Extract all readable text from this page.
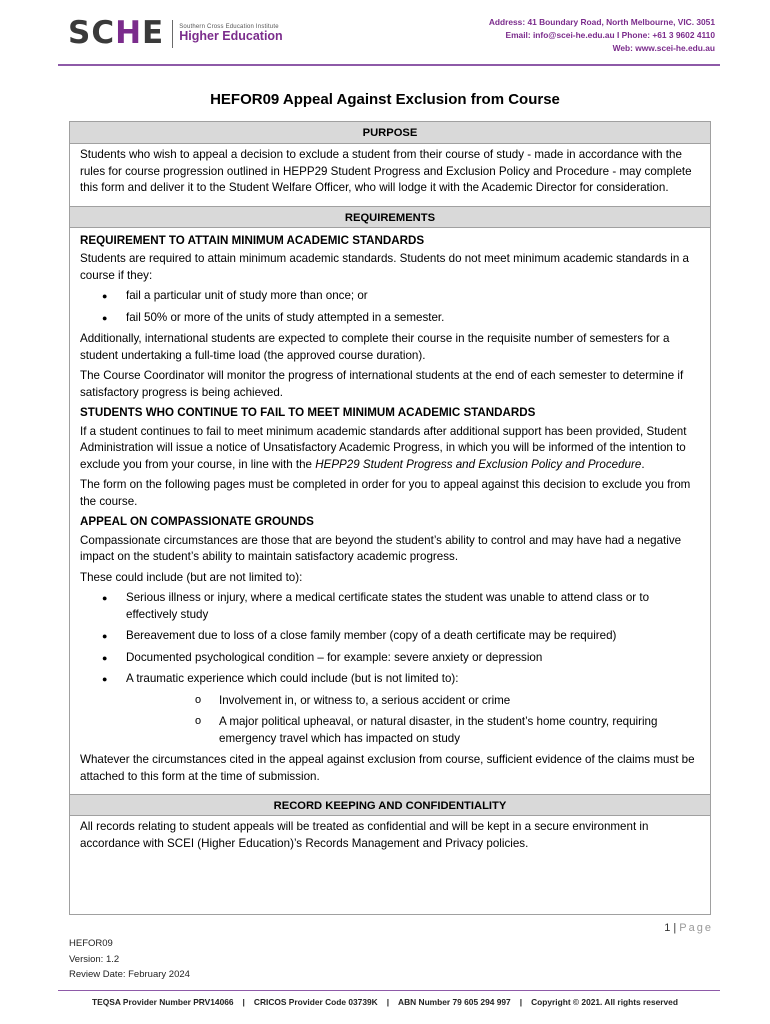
SCHE	Southern Cross Education Institute
Higher Education
Address: 41 Boundary Road, North Melbourne, VIC. 3051
Email: info@scei-he.edu.au I Phone: +61 3 9602 4110
Web: www.scei-he.edu.au
HEFOR09 Appeal Against Exclusion from Course
PURPOSE

Students who wish to appeal a decision to exclude a student from their course of study - made in accordance with the rules for course progression outlined in HEPP29 Student Progress and Exclusion Policy and Procedure - may complete this form and deliver it to the Student Welfare Officer, who will lodge it with the Academic Director for consideration.

REQUIREMENTS
REQUIREMENT TO ATTAIN MINIMUM ACADEMIC STANDARDS

Students are required to attain minimum academic standards. Students do not meet minimum academic standards in a course if they:

● fail a particular unit of study more than once; or
● fail 50% or more of the units of study attempted in a semester.

Additionally, international students are expected to complete their course in the requisite number of semesters for a student undertaking a full-time load (the approved course duration).

The Course Coordinator will monitor the progress of international students at the end of each semester to determine if satisfactory progress is being achieved.

STUDENTS WHO CONTINUE TO FAIL TO MEET MINIMUM ACADEMIC STANDARDS

If a student continues to fail to meet minimum academic standards after additional support has been provided, Student Administration will issue a notice of Unsatisfactory Academic Progress, in which you will be informed of the intention to exclude you from your course, in line with the HEPP29 Student Progress and Exclusion Policy and Procedure.

The form on the following pages must be completed in order for you to appeal against this decision to exclude you from the course.

APPEAL ON COMPASSIONATE GROUNDS

Compassionate circumstances are those that are beyond the student’s ability to control and may have had a negative impact on the student’s ability to maintain satisfactory academic progress.

These could include (but are not limited to):

● Serious illness or injury, where a medical certificate states the student was unable to attend class or to effectively study
● Bereavement due to loss of a close family member (copy of a death certificate may be required)
● Documented psychological condition – for example: severe anxiety or depression
● A traumatic experience which could include (but is not limited to):
o Involvement in, or witness to, a serious accident or crime
o A major political upheaval, or natural disaster, in the student’s home country, requiring emergency travel which has impacted on study

Whatever the circumstances cited in the appeal against exclusion from course, sufficient evidence of the claims must be attached to this form at the time of submission.

RECORD KEEPING AND CONFIDENTIALITY

All records relating to student appeals will be treated as confidential and will be kept in a secure environment in accordance with SCEI (Higher Education)’s Records Management and Privacy policies.

1 | Page
HEFOR09
Version: 1.2
Review Date: February 2024
TEQSA Provider Number PRV14066 | CRICOS Provider Code 03739K | ABN Number 79 605 294 997 | Copyright © 2021. All rights reserved
